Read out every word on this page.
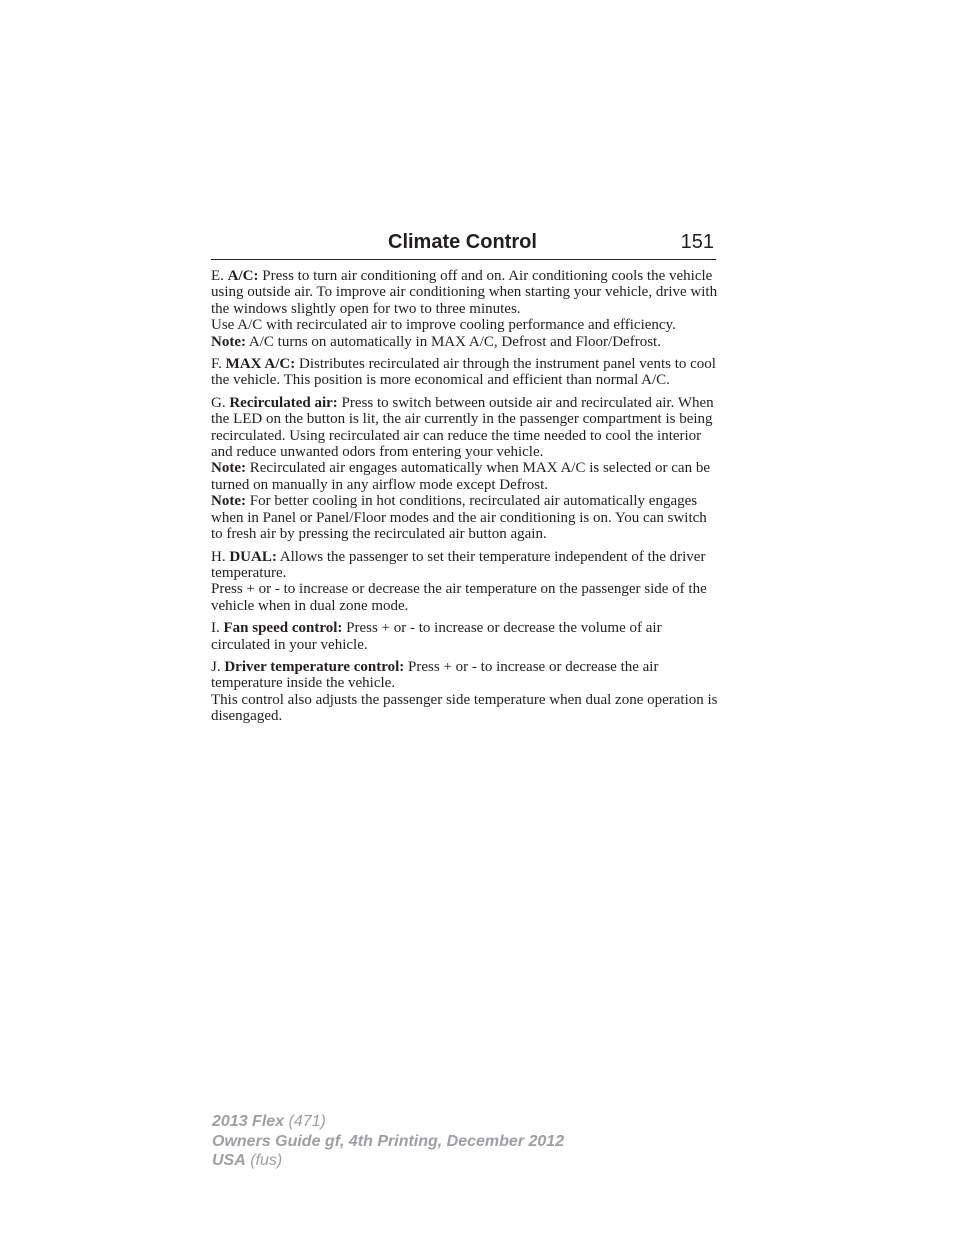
Climate Control	151

E. A/C: Press to turn air conditioning off and on. Air conditioning cools the vehicle using outside air. To improve air conditioning when starting your vehicle, drive with the windows slightly open for two to three minutes.

Use A/C with recirculated air to improve cooling performance and efficiency.

Note: A/C turns on automatically in MAX A/C, Defrost and Floor/Defrost.

F. MAX A/C: Distributes recirculated air through the instrument panel vents to cool the vehicle. This position is more economical and efficient than normal A/C.

G. Recirculated air: Press to switch between outside air and recirculated air. When the LED on the button is lit, the air currently in the passenger compartment is being recirculated. Using recirculated air can reduce the time needed to cool the interior and reduce unwanted odors from entering your vehicle.

Note: Recirculated air engages automatically when MAX A/C is selected or can be turned on manually in any airflow mode except Defrost.

Note: For better cooling in hot conditions, recirculated air automatically engages when in Panel or Panel/Floor modes and the air conditioning is on. You can switch to fresh air by pressing the recirculated air button again.

H. DUAL: Allows the passenger to set their temperature independent of the driver temperature.

Press + or - to increase or decrease the air temperature on the passenger side of the vehicle when in dual zone mode.

I. Fan speed control: Press + or - to increase or decrease the volume of air circulated in your vehicle.

J. Driver temperature control: Press + or - to increase or decrease the air temperature inside the vehicle.

This control also adjusts the passenger side temperature when dual zone operation is disengaged.

2013 Flex (471)
Owners Guide gf, 4th Printing, December 2012
USA (fus)
